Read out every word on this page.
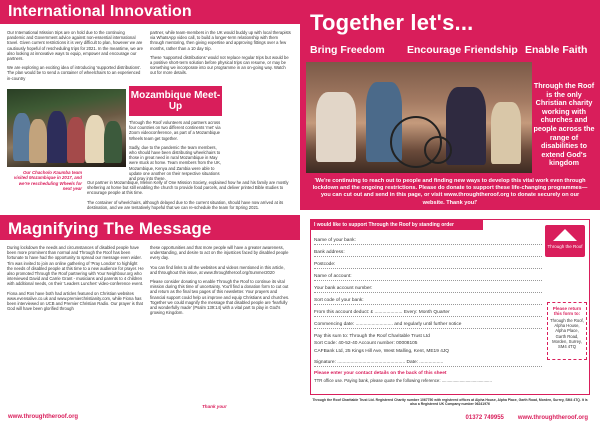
International Innovation

Our International Mission trips are on hold due to the continuing pandemic and Government advice against non-essential international travel. Given current restrictions it is very difficult to plan, however we are cautiously hopeful of rescheduling trips for 2021. In the meantime, we are also looking at innovative ways to equip, empower and encourage our partners.

We are exploring an exciting idea of introducing 'supported distributions'. The plan would be to send a container of wheelchairs to an experienced in-country

partner, while team-members in the UK would buddy up with local therapists via WhatsApp video call, to build a longer-term relationship with them through mentoring, then giving expertise and approving fittings over a few months, rather than a 10 day trip.

These 'supported distributions' would not replace regular trips but would be a positive short-term solution before physical trips can resume, or may be something we incorporate into our programme in an on-going way. Watch out for more details.

Mozambique Meet-Up

Through the Roof volunteers and partners across four countries on two different continents 'met' via Zoom videoconference, as part of a Mozambique Wheels team get together.

Sadly, due to the pandemic the team members, who should have been distributing wheelchairs to those in great need in rural Mozambique in May were stuck at home. Team members from the UK, Mozambique, Kenya and Zambia were able to update one another on their respective situations and pray into these.

Our Chacholo Kaumba team visited Mozambique in 2017, and we're rescheduling Wheels for next year

Our partner in Mozambique, Melvin Kelly of One Mission Society, explained how he and his family are mostly sheltering at home but still enabling the church to provide food parcels, and deliver printed Bible studies to encourage people at this time.

The container of wheelchairs, although delayed due to the current situation, should have now arrived at its destination, and we are tentatively hopeful that we can re-schedule the team for Spring 2021.

Magnifying The Message

During lockdown the needs and circumstances of disabled people have been more prominent than normal and Through the Roof has been fortunate to have had the opportunity to spread our message even wider. Tim was invited to join an online gathering of 'Pray London' to highlight the needs of disabled people at this time to a new audience for prayer. He also promoted Through the Roof partnering with Your Neighbour.org who interviewed David and Carrie Grant - musicians and parents to 4 children with additional needs, on their 'Leaders Lunches' video-conference event.

Fiona and Ros have both had articles featured on Christian websites www.evensalive.co.uk and www.premierchristianity.com, while Fiona has been interviewed on UCB and Premier Christian Radio. Our prayer is that God will have been glorified through

these opportunities and that more people will have a greater awareness, understanding, and desire to act on the injustices faced by disabled people every day.

You can find links to all the websites and videos mentioned in this article, and throughout this issue, at www.throughtheroof.org/Summer2020

Please consider donating to enable Through the Roof to continue its vital mission during this time of uncertainty. You'll find a donation form to cut out and return as the final two pages of this newsletter. Your prayers and financial support could help us improve and equip Christians and churches. Together we could magnify the message that disabled people are 'fearfully and wonderfully made' (Psalm 139:14) with a vital part to play in God's growing Kingdom.

Thank you!
www.throughtheroof.org
Together let's...
Bring Freedom Encourage Friendship Enable Faith
Through the Roof is the only Christian charity working with churches and people across the range of disabilities to extend God's kingdom
'We're continuing to reach out to people and finding new ways to develop this vital work even through lockdown and the ongoing restrictions. Please do donate to support these life-changing programmes—you can cut out and send in this page, or visit www.throughtheroof.org to donate securely on our website. Thank you!'
I would like to support Through the Roof by standing order
Name of your bank:
Bank address:
Postcode:
Name of account:
Your bank account number:
Sort code of your bank:
From this account deduct: £ ..................... Every: Month Quarter
Commencing date: ............................ and regularly until further notice
Pay this sum to: Through the Roof Charitable Trust Ltd
Sort Code: 40-52-40 Account number: 00008105
CAFBank Ltd, 25 Kings Hill Ave, West Malling, Kent, ME19 4JQ
Signature: ................................................... Date: ..................
Please enter your contact details on the back of this sheet
TTR office use. Paying bank, please quote the following reference: ..........................................
Through the Roof
Please return this form to:
Through the Roof, Alpha House, Alpha Place, Garth Road, Morden, Surrey, SM4 4TQ
Through the Roof Charitable Trust Ltd. Registered Charity number 1067750 with registered offices at Alpha House, Alpha Place, Garth Road, Morden, Surrey, SM4 4TQ. It is also a Registered UK Company number 06241976
01372 749955 www.throughtheroof.org
